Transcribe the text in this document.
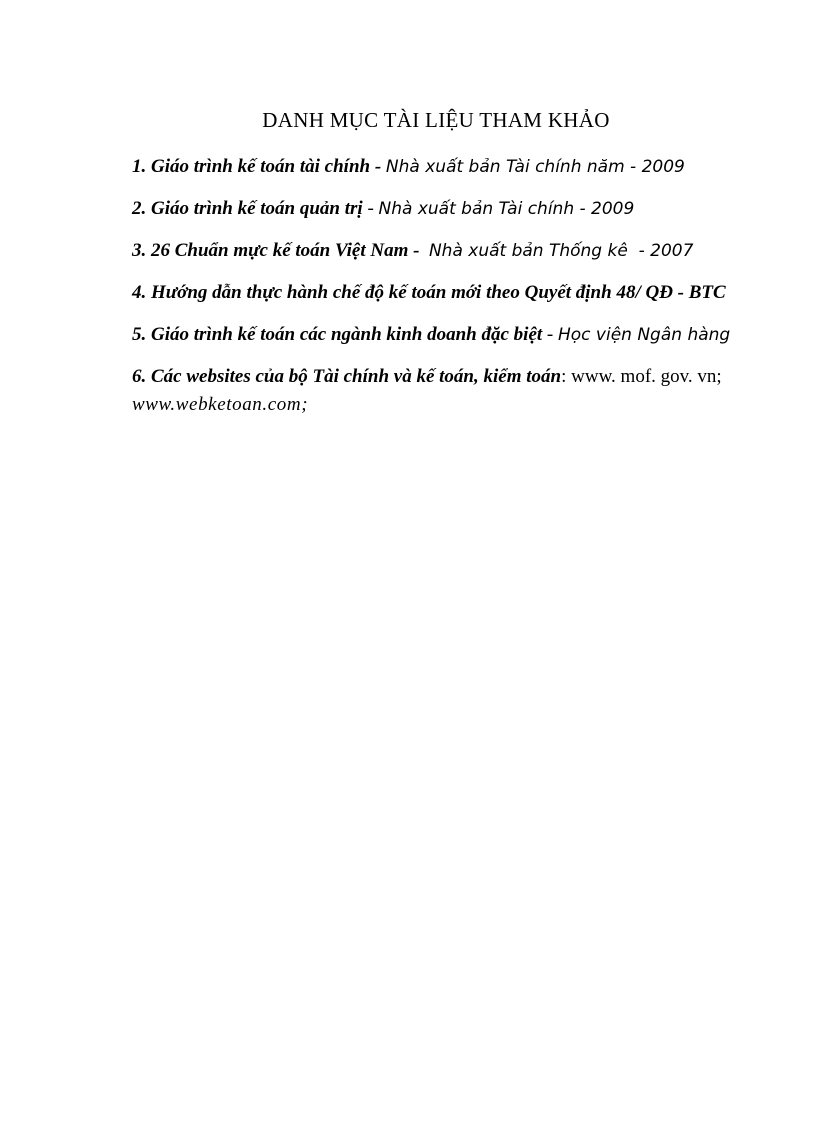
DANH MỤC TÀI LIỆU THAM KHẢO
1. Giáo trình kế toán tài chính - Nhà xuất bản Tài chính năm - 2009
2. Giáo trình kế toán quản trị - Nhà xuất bản Tài chính - 2009
3. 26 Chuẩn mực kế toán Việt Nam -  Nhà xuất bản Thống kê  - 2007
4. Hướng dẫn thực hành chế độ kế toán mới theo Quyết định 48/ QĐ - BTC
5. Giáo trình kế toán các ngành kinh doanh đặc biệt - Học viện Ngân hàng
6. Các websites của bộ Tài chính và kế toán, kiểm toán: www. mof. gov. vn;
www.webketoan.com;
